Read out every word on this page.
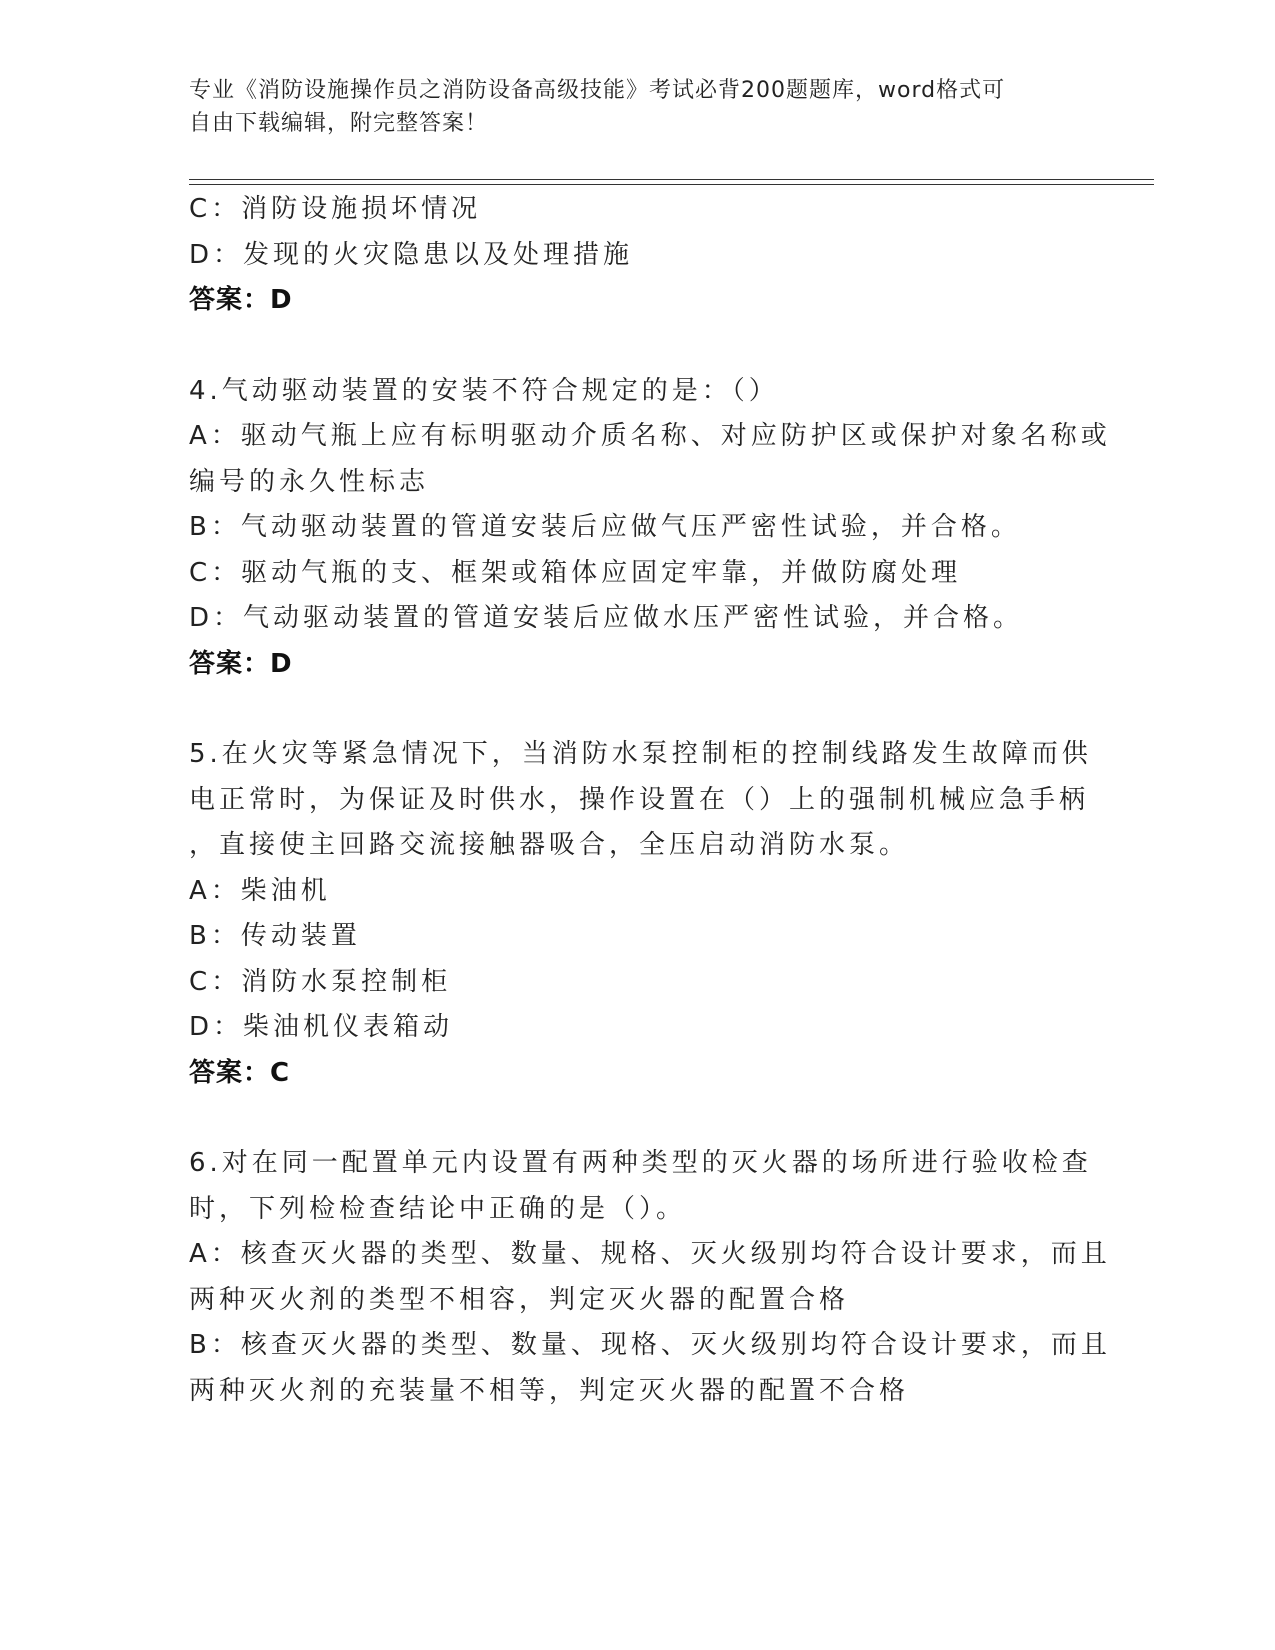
专业《消防设施操作员之消防设备高级技能》考试必背200题题库，word格式可
自由下载编辑，附完整答案！
C：消防设施损坏情况
D：发现的火灾隐患以及处理措施
答案：D
4.气动驱动装置的安装不符合规定的是：（）
A：驱动气瓶上应有标明驱动介质名称、对应防护区或保护对象名称或
编号的永久性标志
B：气动驱动装置的管道安装后应做气压严密性试验，并合格。
C：驱动气瓶的支、框架或箱体应固定牢靠，并做防腐处理
D：气动驱动装置的管道安装后应做水压严密性试验，并合格。
答案：D
5.在火灾等紧急情况下，当消防水泵控制柜的控制线路发生故障而供
电正常时，为保证及时供水，操作设置在（）上的强制机械应急手柄
，直接使主回路交流接触器吸合，全压启动消防水泵。
A：柴油机
B：传动装置
C：消防水泵控制柜
D：柴油机仪表箱动
答案：C
6.对在同一配置单元内设置有两种类型的灭火器的场所进行验收检查
时，下列检检查结论中正确的是（）。
A：核查灭火器的类型、数量、规格、灭火级别均符合设计要求，而且
两种灭火剂的类型不相容，判定灭火器的配置合格
B：核查灭火器的类型、数量、现格、灭火级别均符合设计要求，而且
两种灭火剂的充装量不相等，判定灭火器的配置不合格
